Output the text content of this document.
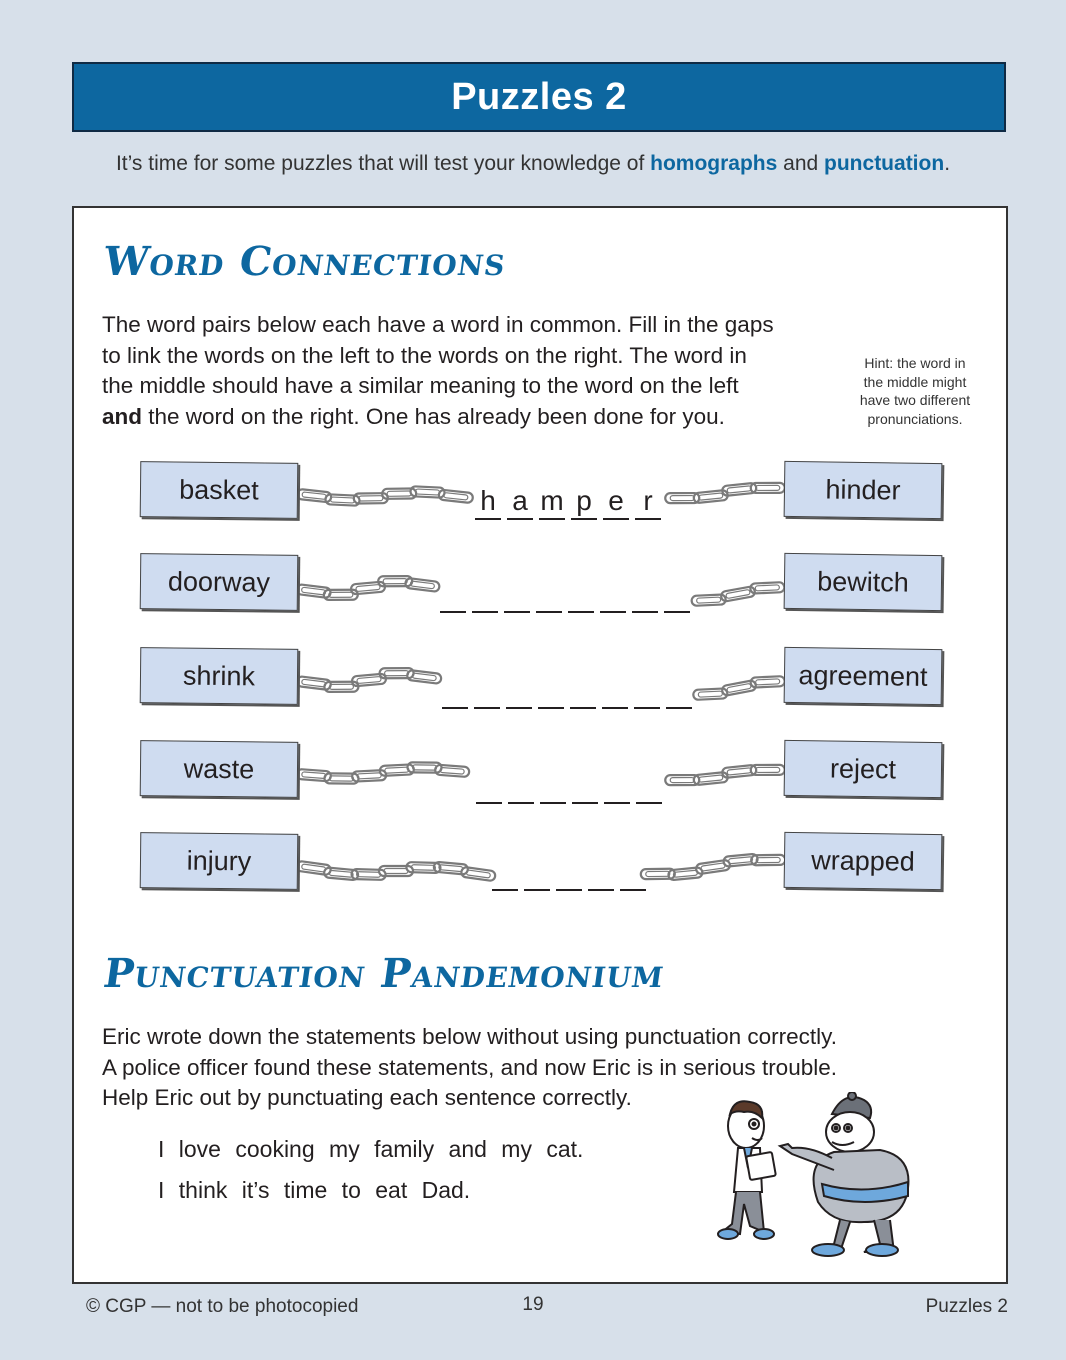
Puzzles 2
It’s time for some puzzles that will test your knowledge of homographs and punctuation.
Word Connections
The word pairs below each have a word in common. Fill in the gaps
to link the words on the left to the words on the right. The word in
the middle should have a similar meaning to the word on the left
and the word on the right. One has already been done for you.
Hint: the word in
the middle might
have two different
pronunciations.
basket	hinder
h a m p e r
doorway	bewitch
shrink	agreement
waste	reject
injury	wrapped
Punctuation Pandemonium
Eric wrote down the statements below without using punctuation correctly.
A police officer found these statements, and now Eric is in serious trouble.
Help Eric out by punctuating each sentence correctly.
I love cooking my family and my cat.
I think it’s time to eat Dad.
© CGP — not to be photocopied	19	Puzzles 2
